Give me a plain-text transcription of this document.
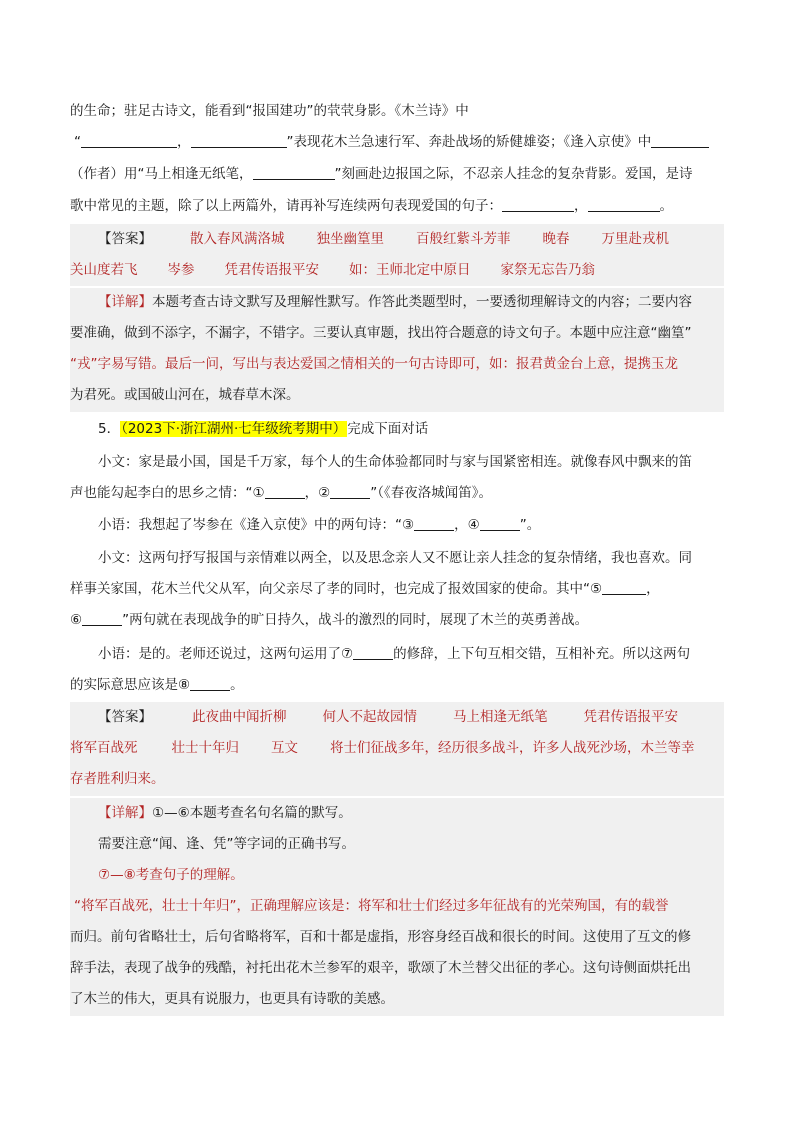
的生命；驻足古诗文，能看到“报国建功”的茕茕身影。《木兰诗》中
“	，	”表现花木兰急速行军、奔赴战场的矫健雄姿；《逢入京使》中
（作者）用“马上相逢无纸笔，	”刻画赴边报国之际，不忍亲人挂念的复杂背影。爱国，是诗
歌中常见的主题，除了以上两篇外，请再补写连续两句表现爱国的句子：	，	。
【答案】	散入春风满洛城 独坐幽篁里 百般红紫斗芳菲 晚春 万里赴戎机
关山度若飞 岑参 凭君传语报平安 如：王师北定中原日 家祭无忘告乃翁
【详解】本题考查古诗文默写及理解性默写。作答此类题型时，一要透彻理解诗文的内容；二要内容
要准确，做到不添字，不漏字，不错字。三要认真审题，找出符合题意的诗文句子。本题中应注意“幽篁”
“戎”字易写错。最后一问，写出与表达爱国之情相关的一句古诗即可，如：报君黄金台上意，提携玉龙
为君死。或国破山河在，城春草木深。
5．（2023下·浙江湖州·七年级统考期中）完成下面对话
小文：家是最小国，国是千万家，每个人的生命体验都同时与家与国紧密相连。就像春风中飘来的笛
声也能勾起李白的思乡之情：“①	，②	”（《春夜洛城闻笛》。
小语：我想起了岑参在《逢入京使》中的两句诗：“③	，④	”。
小文：这两句抒写报国与亲情难以两全，以及思念亲人又不愿让亲人挂念的复杂情绪，我也喜欢。同
样事关家国，花木兰代父从军，向父亲尽了孝的同时，也完成了报效国家的使命。其中“⑤	，
⑥	”两句就在表现战争的旷日持久，战斗的激烈的同时，展现了木兰的英勇善战。
小语：是的。老师还说过，这两句运用了⑦	的修辞，上下句互相交错，互相补充。所以这两句
的实际意思应该是⑧	。
【答案】	此夜曲中闻折柳	何人不起故园情	马上相逢无纸笔	凭君传语报平安
将军百战死	壮士十年归 互文 将士们征战多年，经历很多战斗，许多人战死沙场，木兰等幸
存者胜利归来。
【详解】①—⑥本题考查名句名篇的默写。
需要注意“闻、逢、凭”等字词的正确书写。
⑦—⑧考查句子的理解。
“将军百战死，壮士十年归”，正确理解应该是：将军和壮士们经过多年征战有的光荣殉国，有的载誉
而归。前句省略壮士，后句省略将军，百和十都是虚指，形容身经百战和很长的时间。这使用了互文的修
辞手法，表现了战争的残酷，衬托出花木兰参军的艰辛，歌颂了木兰替父出征的孝心。这句诗侧面烘托出
了木兰的伟大，更具有说服力，也更具有诗歌的美感。
